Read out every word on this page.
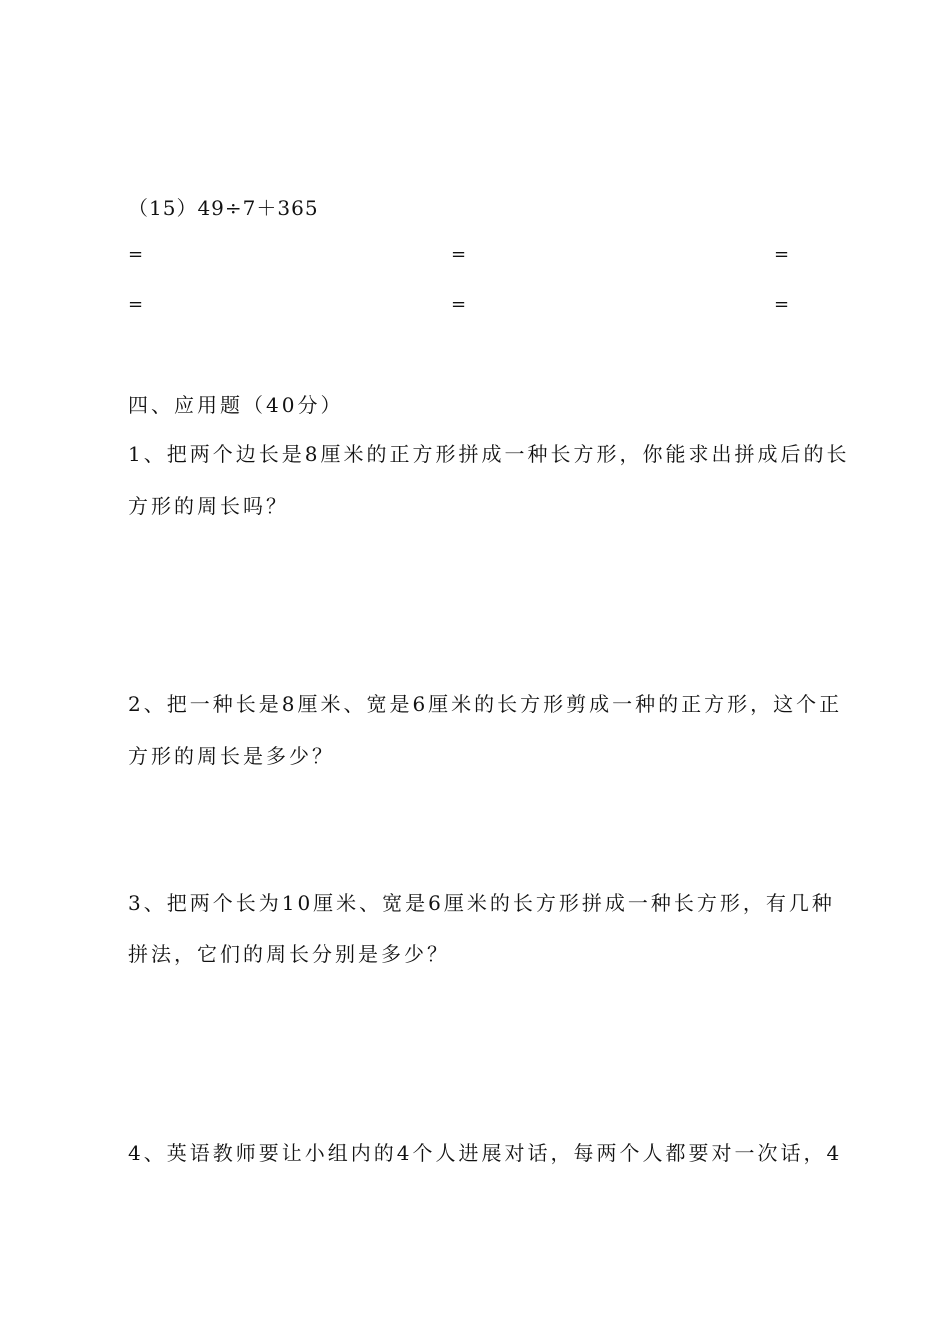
（15）49÷7＋365
=	=	=
=	=	=
四、应用题（40分）
1、把两个边长是8厘米的正方形拼成一种长方形，你能求出拼成后的长
方形的周长吗？
2、把一种长是8厘米、宽是6厘米的长方形剪成一种的正方形，这个正
方形的周长是多少？
3、把两个长为10厘米、宽是6厘米的长方形拼成一种长方形，有几种
拼法，它们的周长分别是多少？
4、英语教师要让小组内的4个人进展对话，每两个人都要对一次话，4
